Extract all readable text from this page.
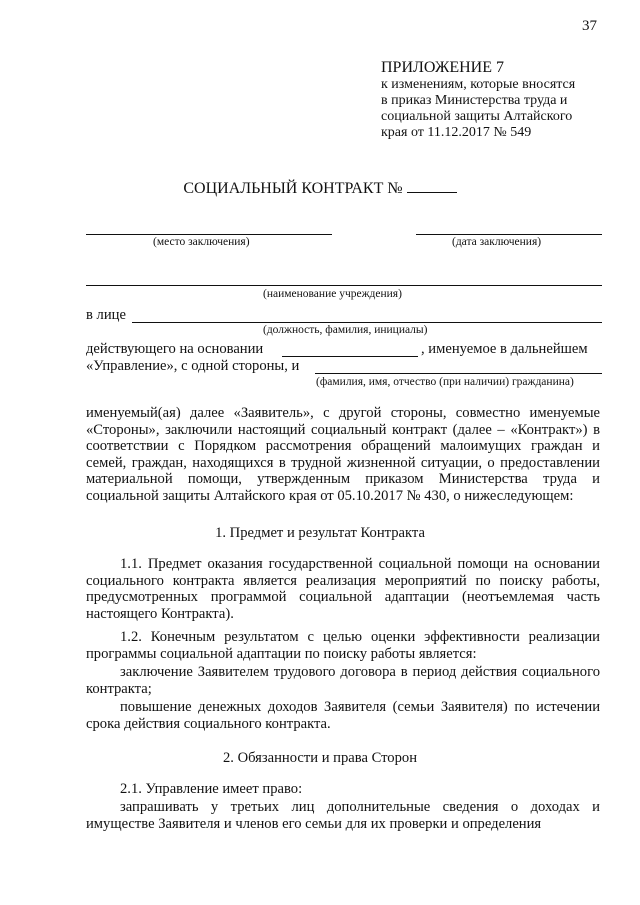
37
ПРИЛОЖЕНИЕ 7
к изменениям, которые вносятся
в приказ Министерства труда и
социальной защиты Алтайского
края от 11.12.2017 № 549
СОЦИАЛЬНЫЙ КОНТРАКТ №
(место заключения)	(дата заключения)
(наименование учреждения)
в лице
(должность, фамилия, инициалы)
действующего на основании	, именуемое в дальнейшем
«Управление», с одной стороны, и
(фамилия, имя, отчество (при наличии) гражданина)
именуемый(ая) далее «Заявитель», с другой стороны, совместно именуемые «Стороны», заключили настоящий социальный контракт (далее – «Контракт») в соответствии с Порядком рассмотрения обращений малоимущих граждан и семей, граждан, находящихся в трудной жизненной ситуации, о предоставлении материальной помощи, утвержденным приказом Министерства труда и социальной защиты Алтайского края от 05.10.2017 № 430, о нижеследующем:
1. Предмет и результат Контракта
1.1. Предмет оказания государственной социальной помощи на основании социального контракта является реализация мероприятий по поиску работы, предусмотренных программой социальной адаптации (неотъемлемая часть настоящего Контракта).
1.2. Конечным результатом с целью оценки эффективности реализации программы социальной адаптации по поиску работы является:
заключение Заявителем трудового договора в период действия социального контракта;
повышение денежных доходов Заявителя (семьи Заявителя) по истечении срока действия социального контракта.
2. Обязанности и права Сторон
2.1. Управление имеет право:
запрашивать у третьих лиц дополнительные сведения о доходах и имуществе Заявителя и членов его семьи для их проверки и определения
